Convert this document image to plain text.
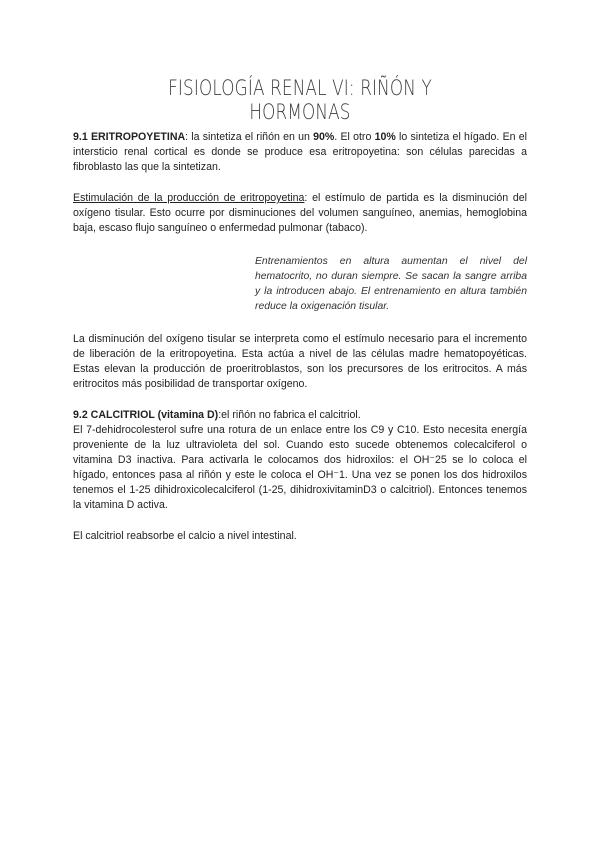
FISIOLOGÍA RENAL VI: RIÑÓN Y HORMONAS

9.1 ERITROPOYETINA: la sintetiza el riñón en un 90%. El otro 10% lo sintetiza el hígado. En el intersticio renal cortical es donde se produce esa eritropoyetina: son células parecidas a fibroblasto las que la sintetizan.

Estimulación de la producción de eritropoyetina: el estímulo de partida es la disminución del oxígeno tisular. Esto ocurre por disminuciones del volumen sanguíneo, anemias, hemoglobina baja, escaso flujo sanguíneo o enfermedad pulmonar (tabaco).

Entrenamientos en altura aumentan el nivel del hematocrito, no duran siempre. Se sacan la sangre arriba y la introducen abajo. El entrenamiento en altura también reduce la oxigenación tisular.

La disminución del oxígeno tisular se interpreta como el estímulo necesario para el incremento de liberación de la eritropoyetina. Esta actúa a nivel de las células madre hematopoyéticas. Estas elevan la producción de proeritroblastos, son los precursores de los eritrocitos. A más eritrocitos más posibilidad de transportar oxígeno.

9.2 CALCITRIOL (vitamina D):el riñón no fabrica el calcitriol.
El 7-dehidrocolesterol sufre una rotura de un enlace entre los C9 y C10. Esto necesita energía proveniente de la luz ultravioleta del sol. Cuando esto sucede obtenemos colecalciferol o vitamina D3 inactiva. Para activarla le colocamos dos hidroxilos: el OH⁻25 se lo coloca el hígado, entonces pasa al riñón y este le coloca el OH⁻1. Una vez se ponen los dos hidroxilos tenemos el 1-25 dihidroxicolecalciferol (1-25, dihidroxivitaminD3 o calcitriol). Entonces tenemos la vitamina D activa.

El calcitriol reabsorbe el calcio a nivel intestinal.
